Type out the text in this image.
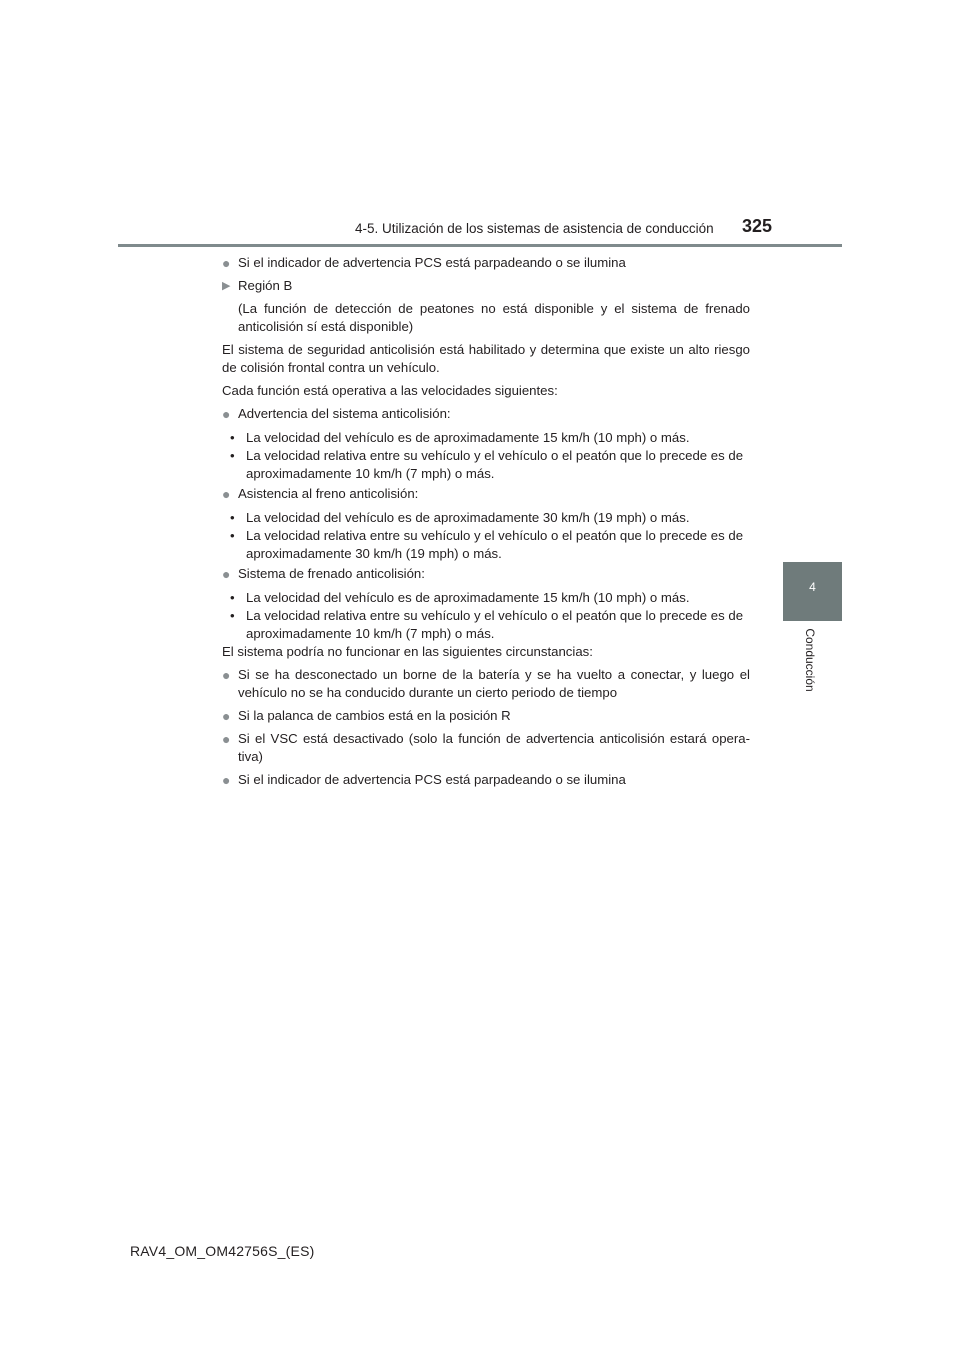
4-5. Utilización de los sistemas de asistencia de conducción 325
4
Conducción
● Si el indicador de advertencia PCS está parpadeando o se ilumina
▶ Región B

(La función de detección de peatones no está disponible y el sistema de frenado anticolisión sí está disponible)

El sistema de seguridad anticolisión está habilitado y determina que existe un alto riesgo de colisión frontal contra un vehículo.

Cada función está operativa a las velocidades siguientes:

● Advertencia del sistema anticolisión:
• La velocidad del vehículo es de aproximadamente 15 km/h (10 mph) o más.
• La velocidad relativa entre su vehículo y el vehículo o el peatón que lo precede es de aproximadamente 10 km/h (7 mph) o más.
● Asistencia al freno anticolisión:
• La velocidad del vehículo es de aproximadamente 30 km/h (19 mph) o más.
• La velocidad relativa entre su vehículo y el vehículo o el peatón que lo precede es de aproximadamente 30 km/h (19 mph) o más.
● Sistema de frenado anticolisión:
• La velocidad del vehículo es de aproximadamente 15 km/h (10 mph) o más.
• La velocidad relativa entre su vehículo y el vehículo o el peatón que lo precede es de aproximadamente 10 km/h (7 mph) o más.

El sistema podría no funcionar en las siguientes circunstancias:

● Si se ha desconectado un borne de la batería y se ha vuelto a conectar, y luego el vehículo no se ha conducido durante un cierto periodo de tiempo
● Si la palanca de cambios está en la posición R
● Si el VSC está desactivado (solo la función de advertencia anticolisión estará opera-tiva)
● Si el indicador de advertencia PCS está parpadeando o se ilumina
RAV4_OM_OM42756S_(ES)
